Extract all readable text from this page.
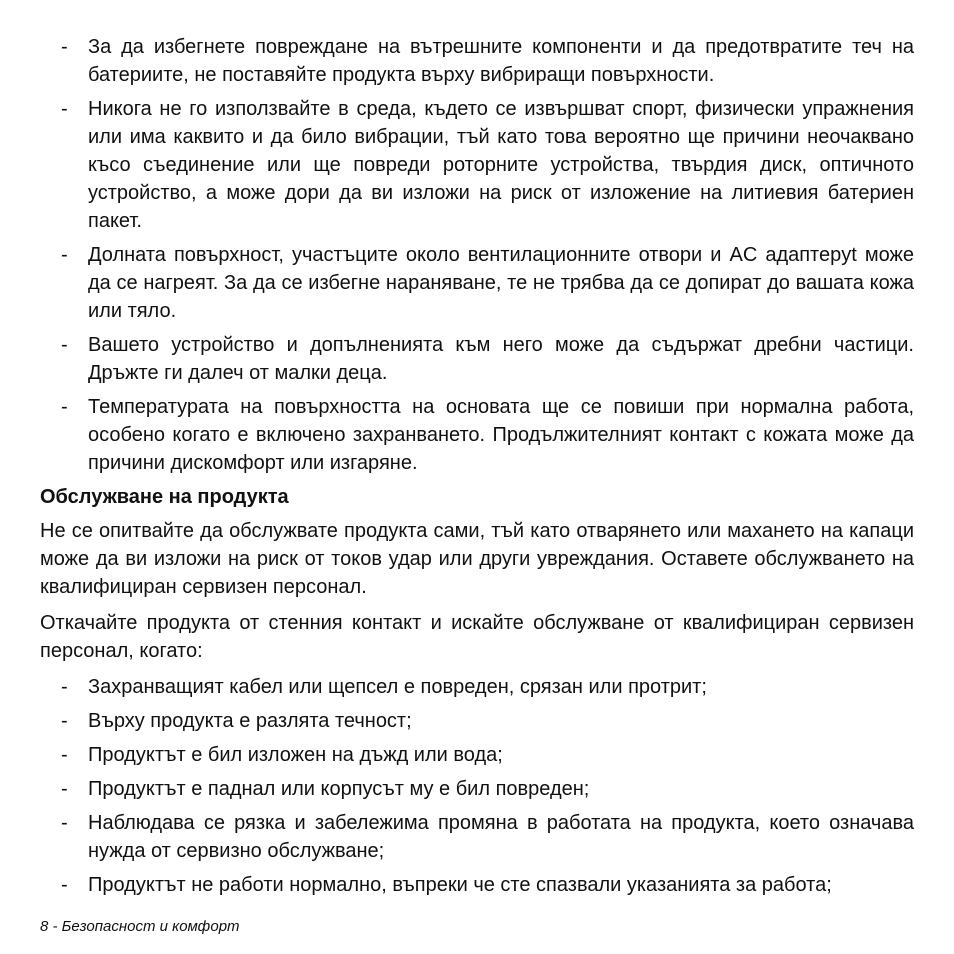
- За да избегнете повреждане на вътрешните компоненти и да предотвратите теч на батериите, не поставяйте продукта върху вибриращи повърхности.
- Никога не го използвайте в среда, където се извършват спорт, физически упражнения или има каквито и да било вибрации, тъй като това вероятно ще причини неочаквано късо съединение или ще повреди роторните устройства, твърдия диск, оптичното устройство, а може дори да ви изложи на риск от изложение на литиевия батериен пакет.
- Долната повърхност, участъците около вентилационните отвори и AC адаптерyt може да се нагреят. За да се избегне нараняване, те не трябва да се допират до вашата кожа или тяло.
- Вашето устройство и допълненията към него може да съдържат дребни частици. Дръжте ги далеч от малки деца.
- Температурата на повърхността на основата ще се повиши при нормална работа, особено когато е включено захранването. Продължителният контакт с кожата може да причини дискомфорт или изгаряне.
Обслужване на продукта

Не се опитвайте да обслужвате продукта сами, тъй като отварянето или махането на капаци може да ви изложи на риск от токов удар или други увреждания. Оставете обслужването на квалифициран сервизен персонал.

Откачайте продукта от стенния контакт и искайте обслужване от квалифициран сервизен персонал, когато:

- Захранващият кабел или щепсел е повреден, срязан или протрит;
- Върху продукта е разлята течност;
- Продуктът е бил изложен на дъжд или вода;
- Продуктът е паднал или корпусът му е бил повреден;
- Наблюдава се рязка и забележима промяна в работата на продукта, което означава нужда от сервизно обслужване;
- Продуктът не работи нормално, въпреки че сте спазвали указанията за работа;
8 - Безопасност и комфорт
